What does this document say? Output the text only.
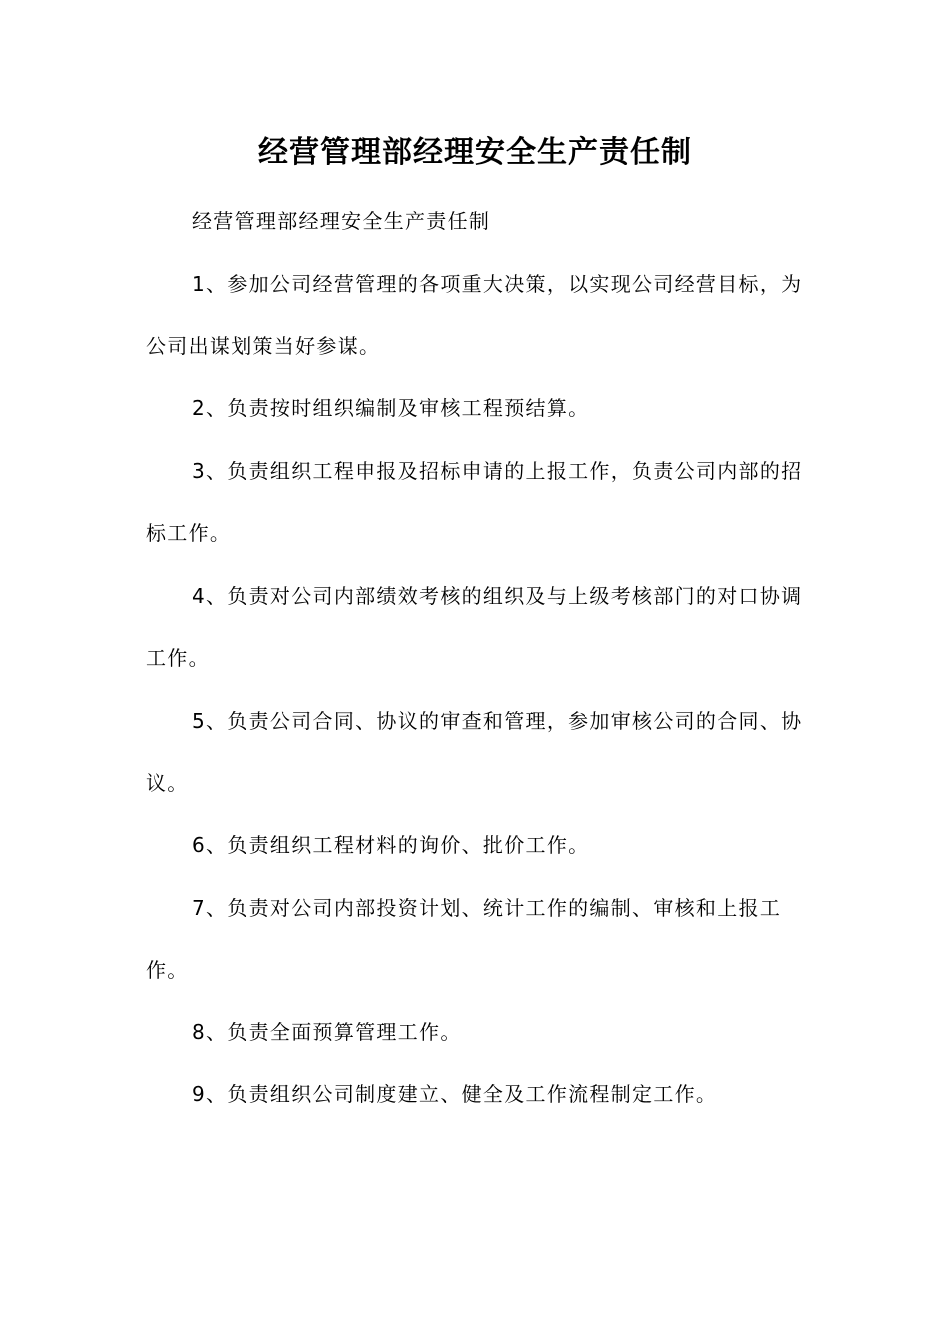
经营管理部经理安全生产责任制

经营管理部经理安全生产责任制

1、参加公司经营管理的各项重大决策，以实现公司经营目标，为公司出谋划策当好参谋。

2、负责按时组织编制及审核工程预结算。

3、负责组织工程申报及招标申请的上报工作，负责公司内部的招标工作。

4、负责对公司内部绩效考核的组织及与上级考核部门的对口协调工作。

5、负责公司合同、协议的审查和管理，参加审核公司的合同、协议。

6、负责组织工程材料的询价、批价工作。

7、负责对公司内部投资计划、统计工作的编制、审核和上报工作。

8、负责全面预算管理工作。

9、负责组织公司制度建立、健全及工作流程制定工作。
